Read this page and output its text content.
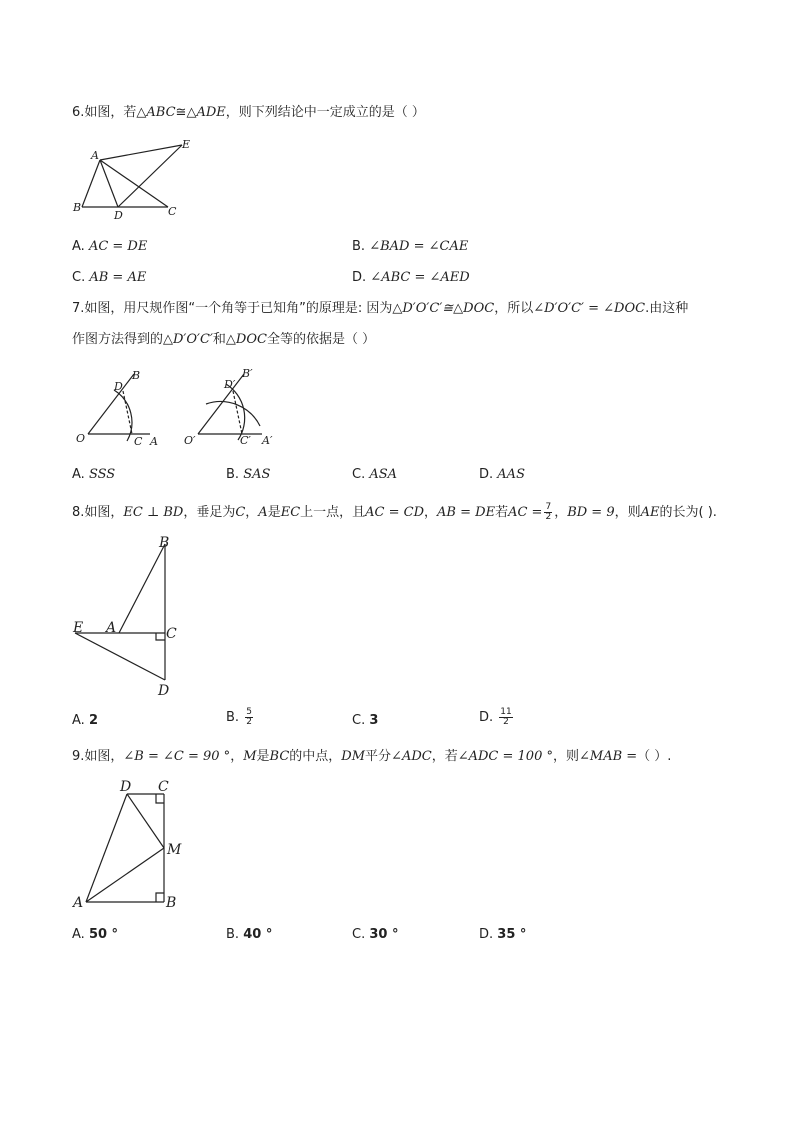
6.如图，若△ABC≅△ADE，则下列结论中一定成立的是（ ）
A
E
B
D	C
A. AC = DE	B. ∠BAD = ∠CAE
C. AB = AE	D. ∠ABC = ∠AED
7.如图，用尺规作图“一个角等于已知角”的原理是: 因为△D′O′C′≅△DOC，所以∠D′O′C′ = ∠DOC.由这种
作图方法得到的△D′O′C′和△DOC全等的依据是（ ）
D
B
O	C A
D′
B′
O′	C′ A′
A. SSS	B. SAS	C. ASA	D. AAS
8.如图，EC ⊥ BD，垂足为C，A是EC上一点，且AC = CD，AB = DE若AC = $\frac{7}{2}$ ，BD = 9，则AE的长为( ).
B
E A	C
D
A. 2	B. $\frac{5}{2}$	C. 3	D. $\frac{11}{2}$
9.如图，∠B = ∠C = 90 °，M是BC的中点，DM平分∠ADC，若∠ADC = 100 °，则∠MAB =（ ）.
D C
M
A	B
A. 50 °	B. 40 °	C. 30 °	D. 35 °
